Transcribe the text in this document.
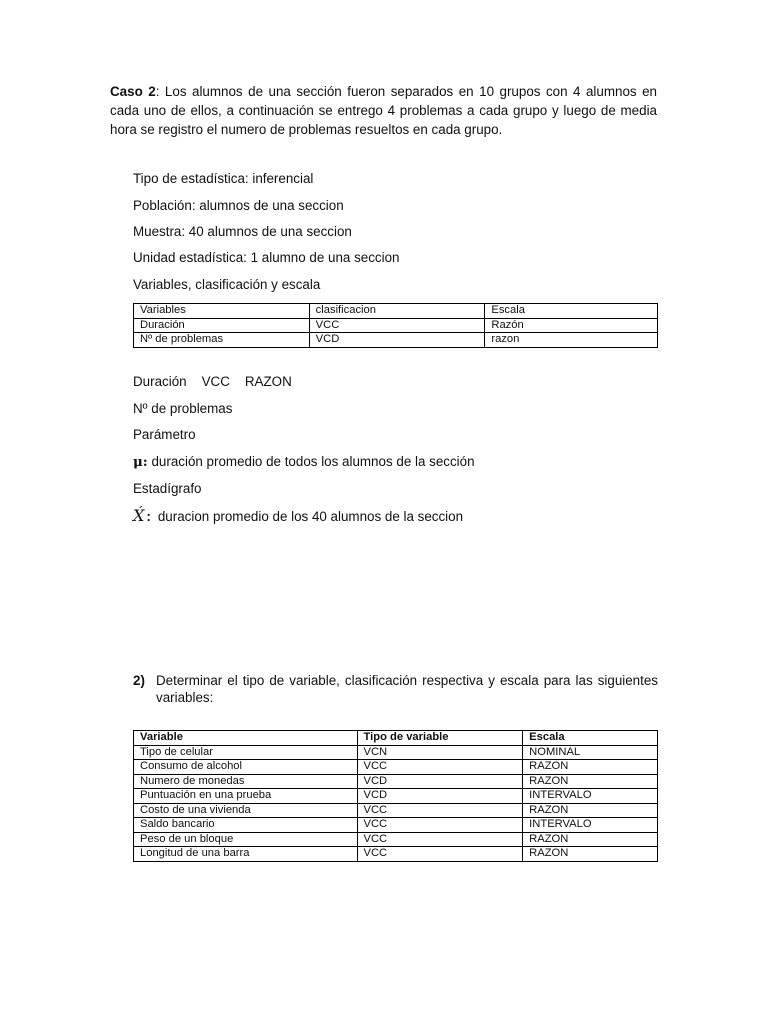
Caso 2: Los alumnos de una sección fueron separados en 10 grupos con 4 alumnos en cada uno de ellos, a continuación se entrego 4 problemas a cada grupo y luego de media hora se registro el numero de problemas resueltos en cada grupo.
Tipo de estadística: inferencial
Población: alumnos de una seccion
Muestra: 40 alumnos de una seccion
Unidad estadística: 1 alumno de una seccion
Variables, clasificación y escala
Variables	clasificacion	Escala
Duración	VCC	Razón
Nº de problemas	VCD	razon
Duración VCC RAZON
Nº de problemas
Parámetro
μ: duración promedio de todos los alumnos de la sección
Estadígrafo
X́ : duracion promedio de los 40 alumnos de la seccion
2) Determinar el tipo de variable, clasificación respectiva y escala para las siguientes variables:
Variable	Tipo de variable	Escala
Tipo de celular	VCN	NOMINAL
Consumo de alcohol	VCC	RAZON
Numero de monedas	VCD	RAZON
Puntuación en una prueba	VCD	INTERVALO
Costo de una vivienda	VCC	RAZON
Saldo bancario	VCC	INTERVALO
Peso de un bloque	VCC	RAZON
Longitud de una barra	VCC	RAZON
